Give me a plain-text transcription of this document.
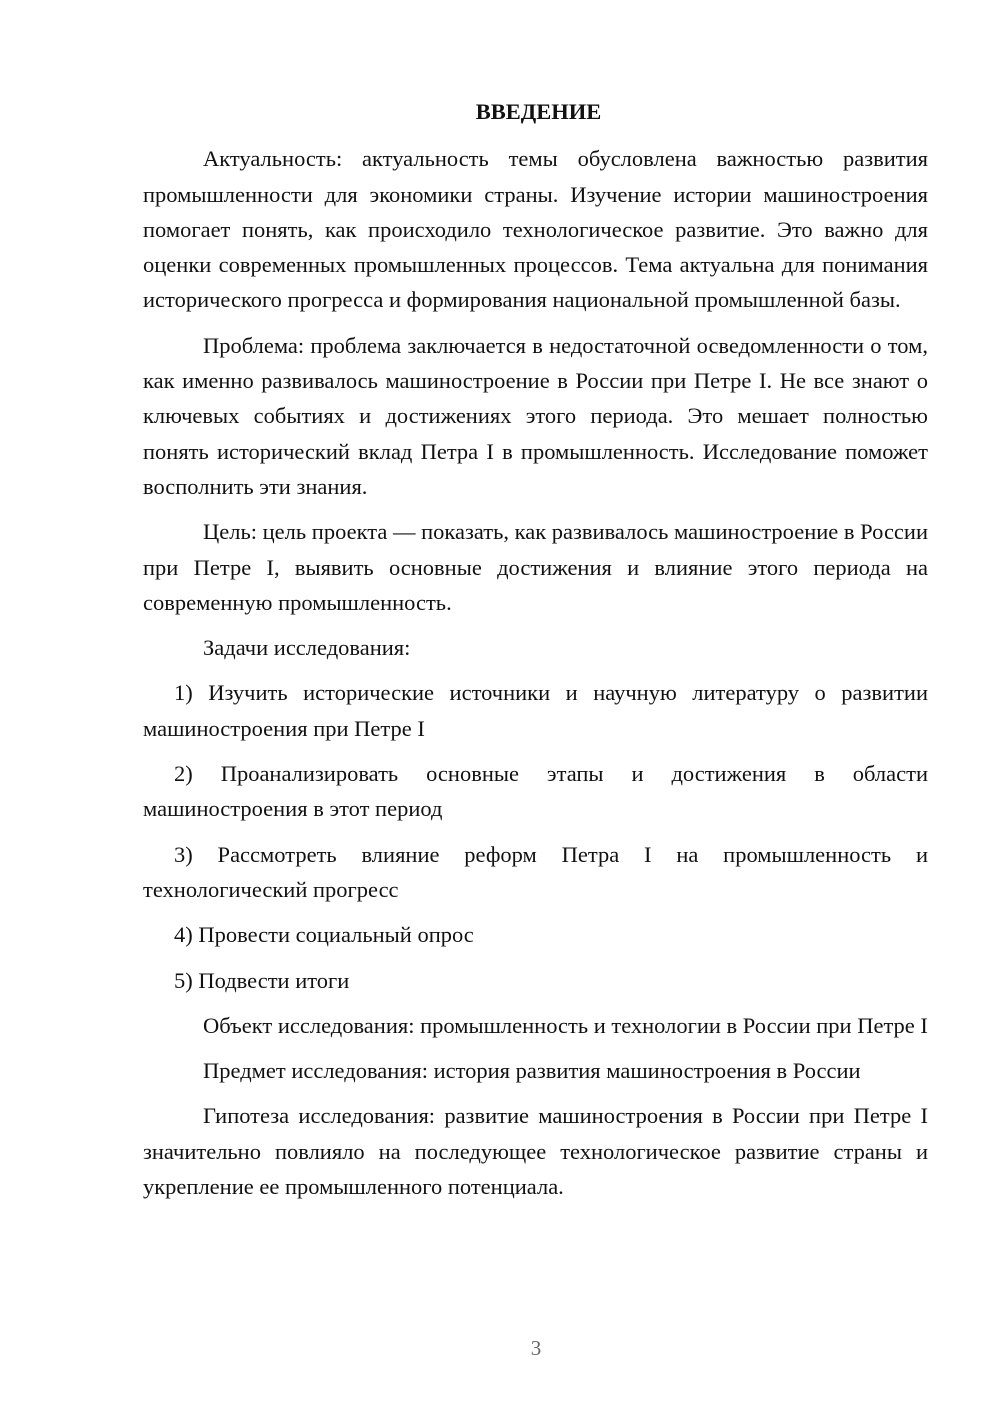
ВВЕДЕНИЕ

Актуальность: актуальность темы обусловлена важностью развития промышленности для экономики страны. Изучение истории машиностроения помогает понять, как происходило технологическое развитие. Это важно для оценки современных промышленных процессов. Тема актуальна для понимания исторического прогресса и формирования национальной промышленной базы.

Проблема: проблема заключается в недостаточной осведомленности о том, как именно развивалось машиностроение в России при Петре I. Не все знают о ключевых событиях и достижениях этого периода. Это мешает полностью понять исторический вклад Петра I в промышленность. Исследование поможет восполнить эти знания.

Цель: цель проекта — показать, как развивалось машиностроение в России при Петре I, выявить основные достижения и влияние этого периода на современную промышленность.

Задачи исследования:

1) Изучить исторические источники и научную литературу о развитии машиностроения при Петре I

2) Проанализировать основные этапы и достижения в области машиностроения в этот период

3) Рассмотреть влияние реформ Петра I на промышленность и технологический прогресс

4) Провести социальный опрос

5) Подвести итоги

Объект исследования: промышленность и технологии в России при Петре I

Предмет исследования: история развития машиностроения в России

Гипотеза исследования: развитие машиностроения в России при Петре I значительно повлияло на последующее технологическое развитие страны и укрепление ее промышленного потенциала.

3
